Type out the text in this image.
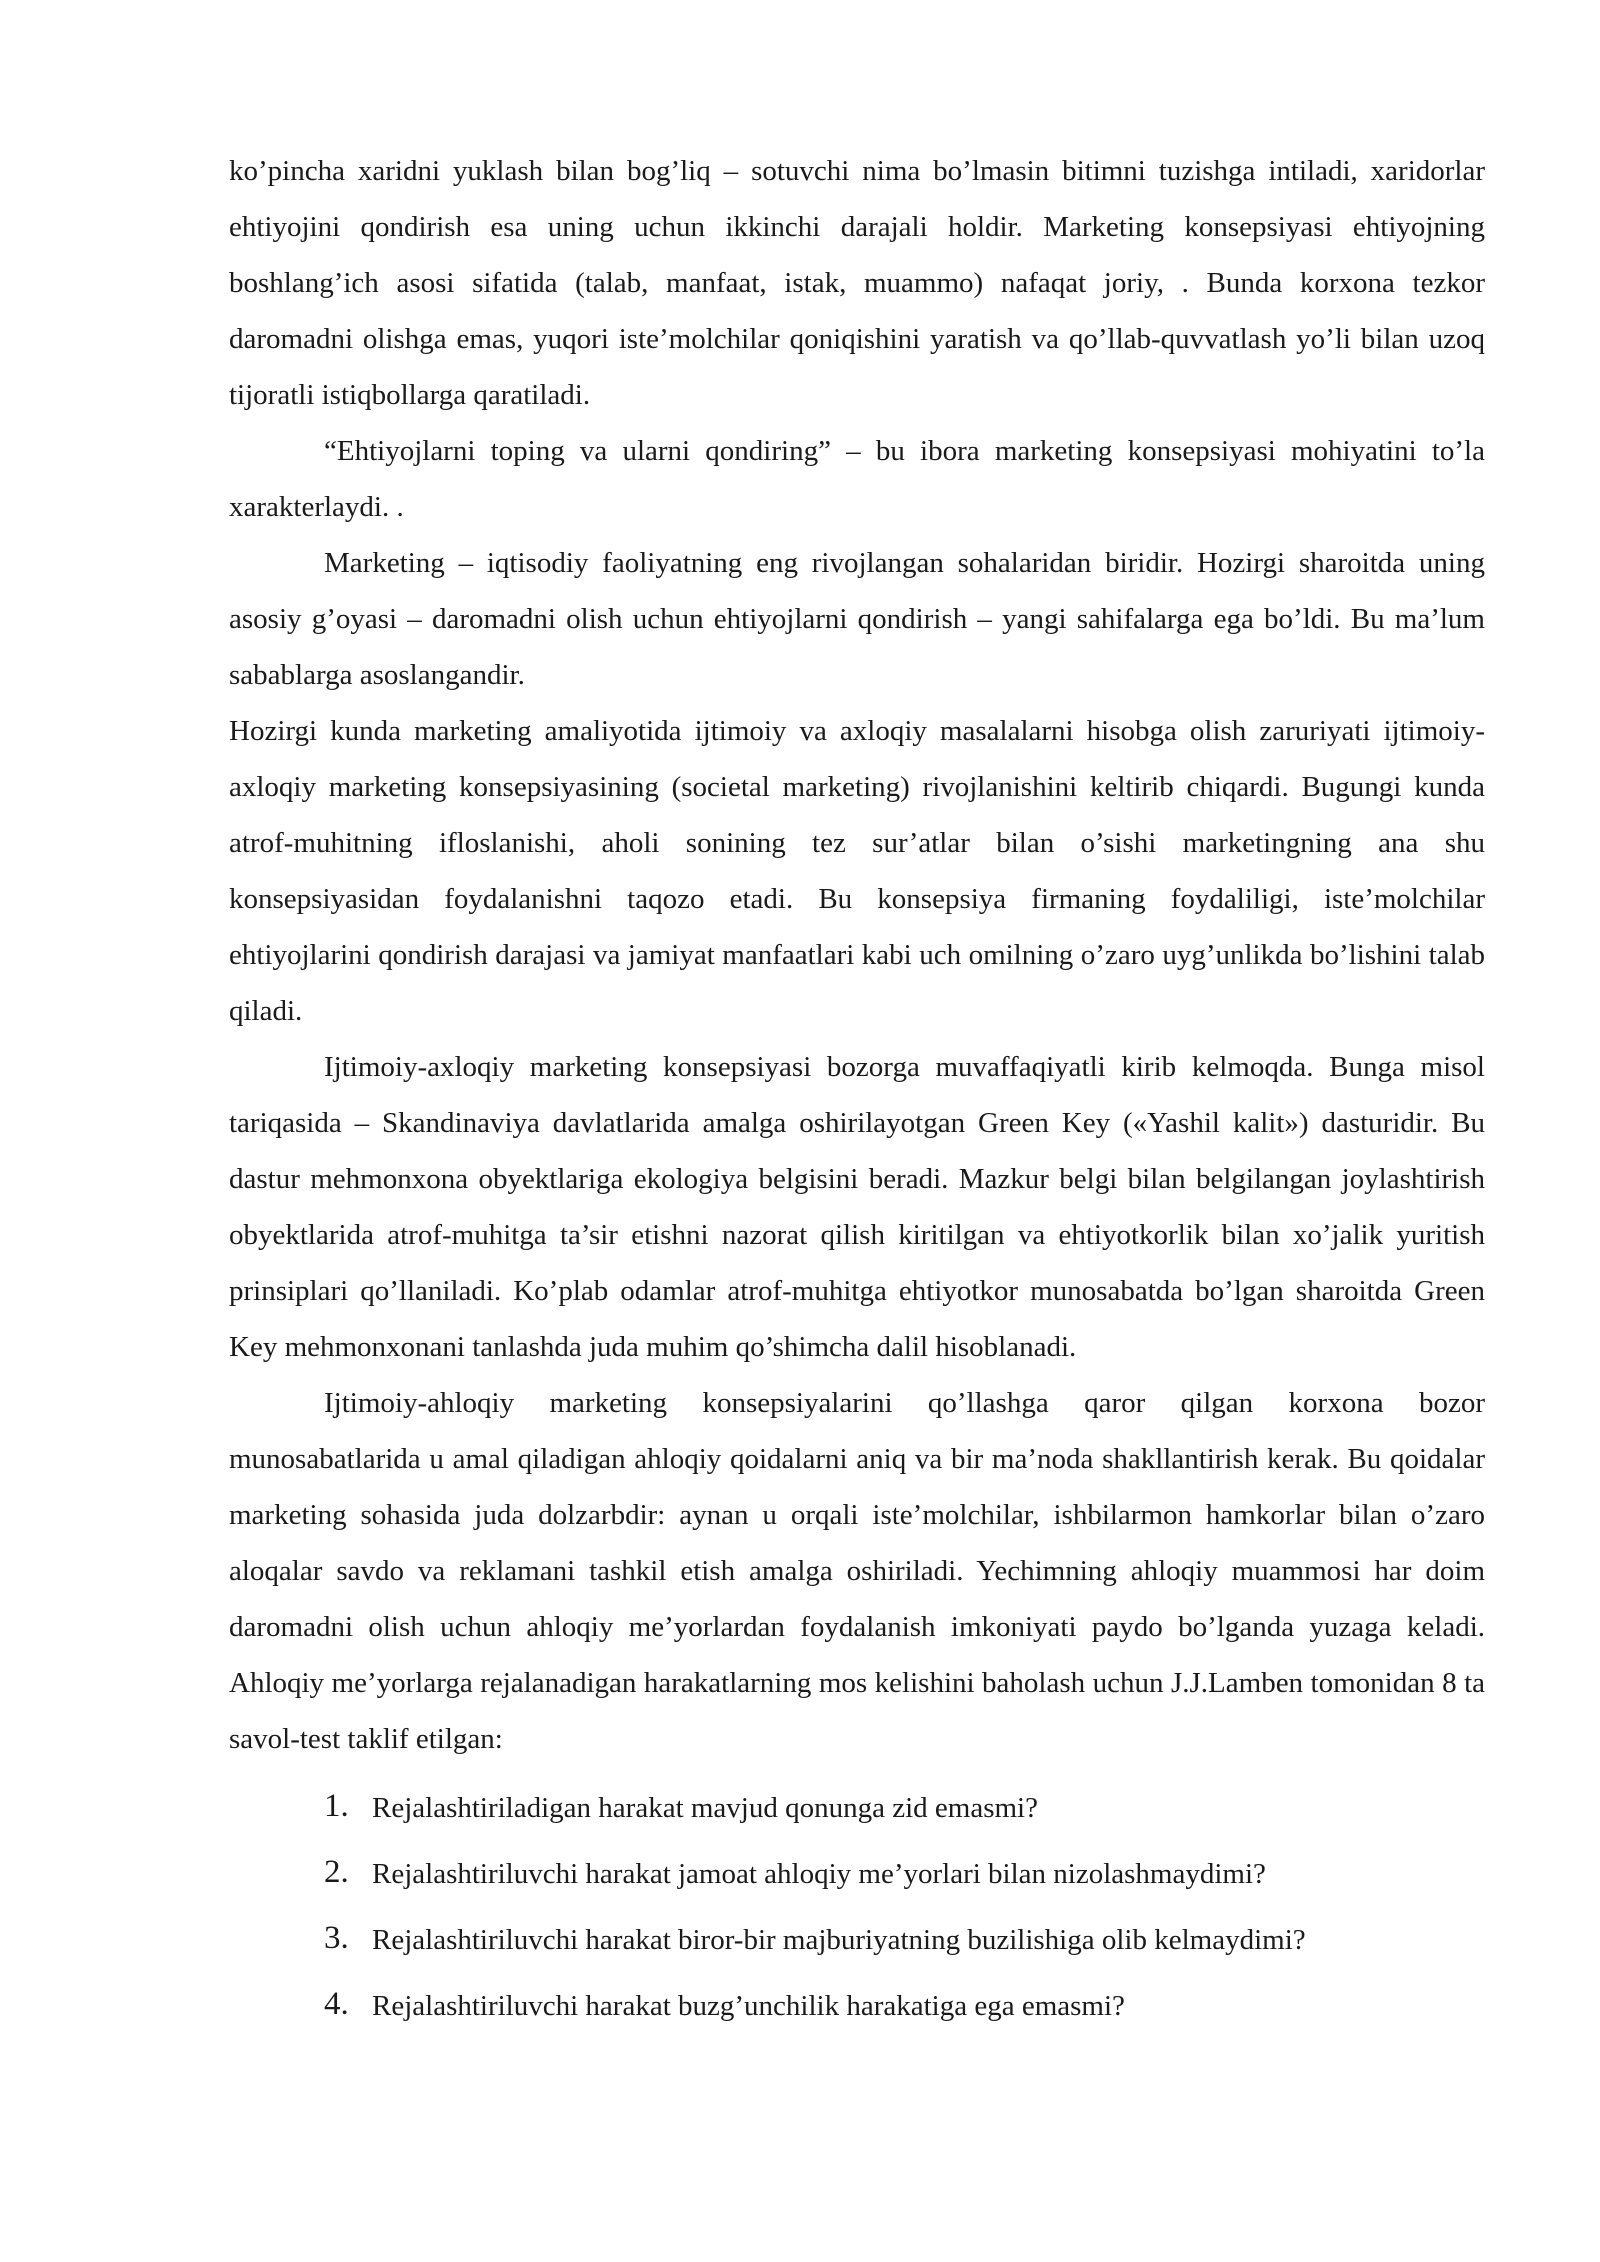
ko’pincha xaridni yuklash bilan bog’liq – sotuvchi nima bo’lmasin bitimni tuzishga intiladi, xaridorlar ehtiyojini qondirish esa uning uchun ikkinchi darajali holdir. Marketing konsepsiyasi ehtiyojning boshlang’ich asosi sifatida (talab, manfaat, istak, muammo) nafaqat joriy, . Bunda korxona tezkor daromadni olishga emas, yuqori iste’molchilar qoniqishini yaratish va qo’llab-quvvatlash yo’li bilan uzoq tijoratli istiqbollarga qaratiladi.

“Ehtiyojlarni toping va ularni qondiring” – bu ibora marketing konsepsiyasi mohiyatini to’la xarakterlaydi. .

Marketing – iqtisodiy faoliyatning eng rivojlangan sohalaridan biridir. Hozirgi sharoitda uning asosiy g’oyasi – daromadni olish uchun ehtiyojlarni qondirish – yangi sahifalarga ega bo’ldi. Bu ma’lum sabablarga asoslangandir.

Hozirgi kunda marketing amaliyotida ijtimoiy va axloqiy masalalarni hisobga olish zaruriyati ijtimoiy-axloqiy marketing konsepsiyasining (societal marketing) rivojlanishini keltirib chiqardi. Bugungi kunda atrof-muhitning ifloslanishi, aholi sonining tez sur’atlar bilan o’sishi marketingning ana shu konsepsiyasidan foydalanishni taqozo etadi. Bu konsepsiya firmaning foydaliligi, iste’molchilar ehtiyojlarini qondirish darajasi va jamiyat manfaatlari kabi uch omilning o’zaro uyg’unlikda bo’lishini talab qiladi.

Ijtimoiy-axloqiy marketing konsepsiyasi bozorga muvaffaqiyatli kirib kelmoqda. Bunga misol tariqasida – Skandinaviya davlatlarida amalga oshirilayotgan Green Key («Yashil kalit») dasturidir. Bu dastur mehmonxona obyektlariga ekologiya belgisini beradi. Mazkur belgi bilan belgilangan joylashtirish obyektlarida atrof-muhitga ta’sir etishni nazorat qilish kiritilgan va ehtiyotkorlik bilan xo’jalik yuritish prinsiplari qo’llaniladi. Ko’plab odamlar atrof-muhitga ehtiyotkor munosabatda bo’lgan sharoitda Green Key mehmonxonani tanlashda juda muhim qo’shimcha dalil hisoblanadi.

Ijtimoiy-ahloqiy marketing konsepsiyalarini qo’llashga qaror qilgan korxona bozor munosabatlarida u amal qiladigan ahloqiy qoidalarni aniq va bir ma’noda shakllantirish kerak. Bu qoidalar marketing sohasida juda dolzarbdir: aynan u orqali iste’molchilar, ishbilarmon hamkorlar bilan o’zaro aloqalar savdo va reklamani tashkil etish amalga oshiriladi. Yechimning ahloqiy muammosi har doim daromadni olish uchun ahloqiy me’yorlardan foydalanish imkoniyati paydo bo’lganda yuzaga keladi. Ahloqiy me’yorlarga rejalanadigan harakatlarning mos kelishini baholash uchun J.J.Lamben tomonidan 8 ta savol-test taklif etilgan:

1. Rejalashtiriladigan harakat mavjud qonunga zid emasmi?
2. Rejalashtiriluvchi harakat jamoat ahloqiy me’yorlari bilan nizolashmaydimi?
3. Rejalashtiriluvchi harakat biror-bir majburiyatning buzilishiga olib kelmaydimi?
4. Rejalashtiriluvchi harakat buzg’unchilik harakatiga ega emasmi?
